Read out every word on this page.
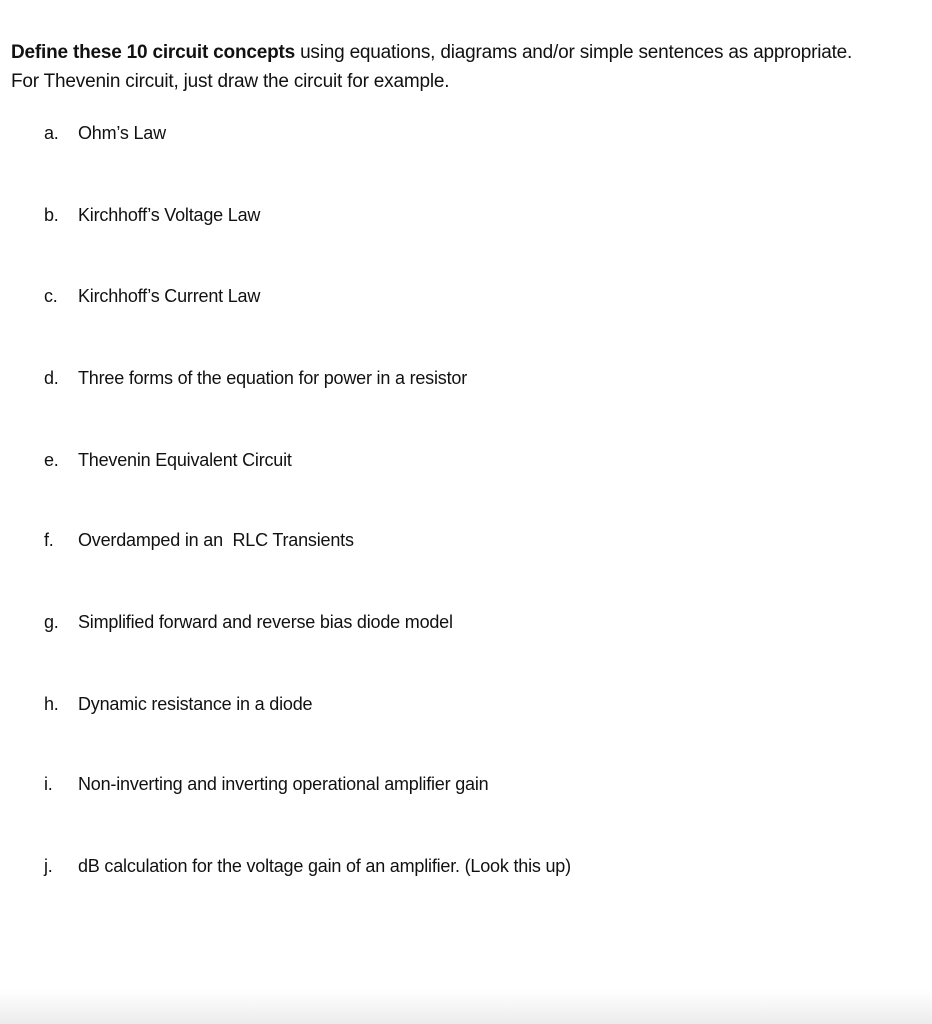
Define these 10 circuit concepts using equations, diagrams and/or simple sentences as appropriate.
For Thevenin circuit, just draw the circuit for example.
a. Ohm’s Law
b. Kirchhoff’s Voltage Law
c. Kirchhoff’s Current Law
d. Three forms of the equation for power in a resistor
e. Thevenin Equivalent Circuit
f. Overdamped in an  RLC Transients
g. Simplified forward and reverse bias diode model
h. Dynamic resistance in a diode
i. Non-inverting and inverting operational amplifier gain
j. dB calculation for the voltage gain of an amplifier. (Look this up)
